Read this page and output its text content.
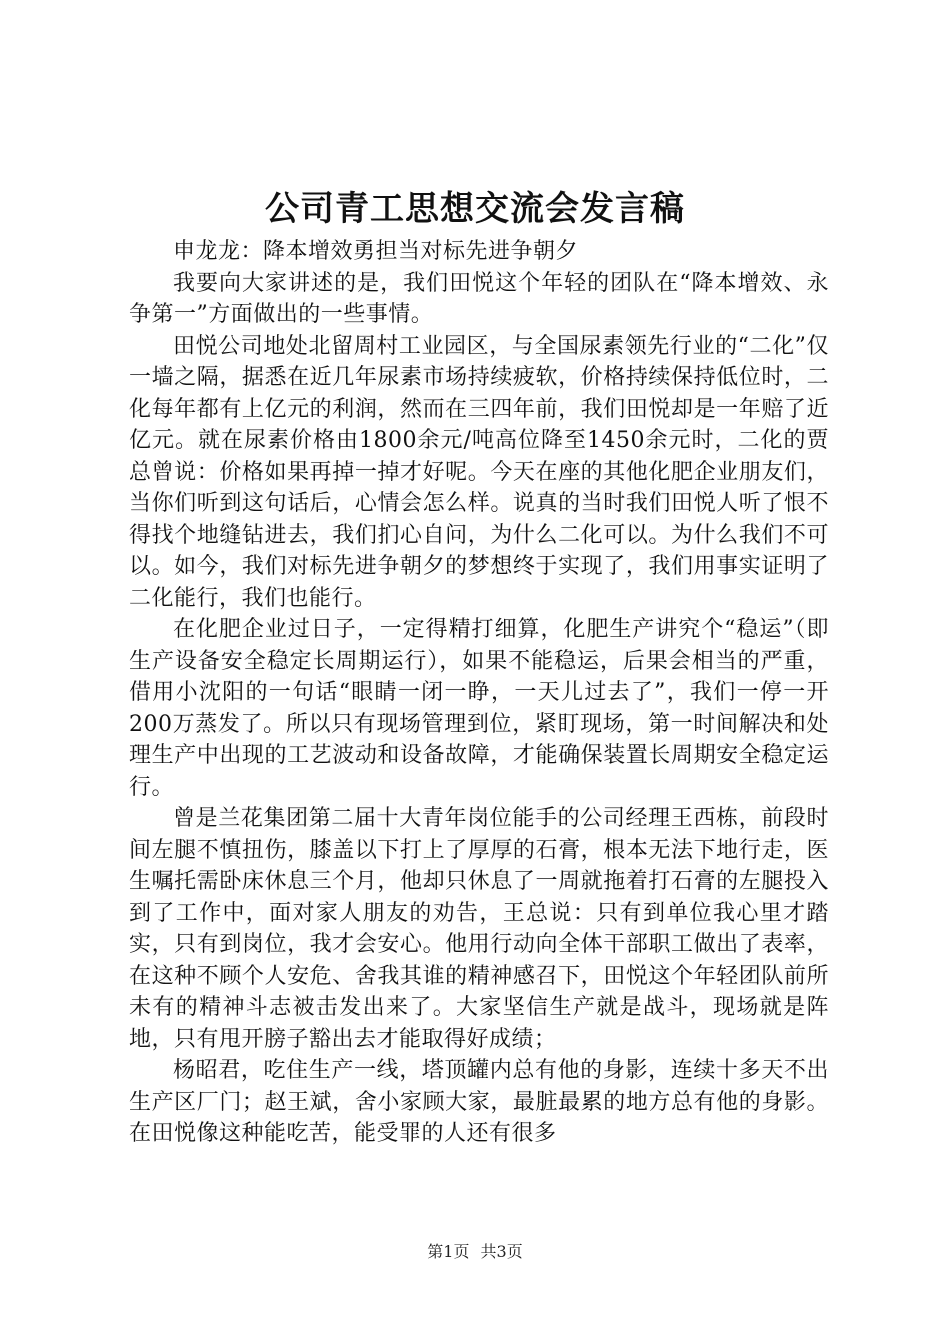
公司青工思想交流会发言稿

申龙龙：降本增效勇担当对标先进争朝夕

我要向大家讲述的是，我们田悦这个年轻的团队在“降本增效、永争第一”方面做出的一些事情。

田悦公司地处北留周村工业园区，与全国尿素领先行业的“二化”仅一墙之隔，据悉在近几年尿素市场持续疲软，价格持续保持低位时，二化每年都有上亿元的利润，然而在三四年前，我们田悦却是一年赔了近亿元。就在尿素价格由1800余元/吨高位降至1450余元时，二化的贾总曾说：价格如果再掉一掉才好呢。今天在座的其他化肥企业朋友们，当你们听到这句话后，心情会怎么样。说真的当时我们田悦人听了恨不得找个地缝钻进去，我们扪心自问，为什么二化可以。为什么我们不可以。如今，我们对标先进争朝夕的梦想终于实现了，我们用事实证明了二化能行，我们也能行。

在化肥企业过日子，一定得精打细算，化肥生产讲究个“稳运”（即生产设备安全稳定长周期运行），如果不能稳运，后果会相当的严重，借用小沈阳的一句话“眼睛一闭一睁，一天儿过去了”，我们一停一开200万蒸发了。所以只有现场管理到位，紧盯现场，第一时间解决和处理生产中出现的工艺波动和设备故障，才能确保装置长周期安全稳定运行。

曾是兰花集团第二届十大青年岗位能手的公司经理王西栋，前段时间左腿不慎扭伤，膝盖以下打上了厚厚的石膏，根本无法下地行走，医生嘱托需卧床休息三个月，他却只休息了一周就拖着打石膏的左腿投入到了工作中，面对家人朋友的劝告，王总说：只有到单位我心里才踏实，只有到岗位，我才会安心。他用行动向全体干部职工做出了表率，在这种不顾个人安危、舍我其谁的精神感召下，田悦这个年轻团队前所未有的精神斗志被击发出来了。大家坚信生产就是战斗，现场就是阵地，只有甩开膀子豁出去才能取得好成绩；

杨昭君，吃住生产一线，塔顶罐内总有他的身影，连续十多天不出生产区厂门；赵王斌，舍小家顾大家，最脏最累的地方总有他的身影。在田悦像这种能吃苦，能受罪的人还有很多

第1页 共3页
